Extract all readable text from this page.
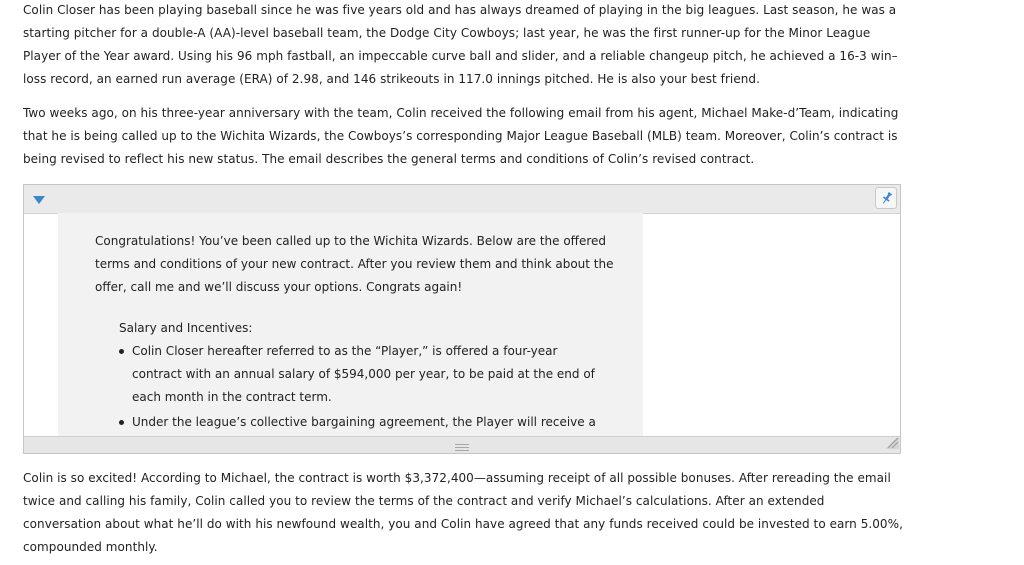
Colin Closer has been playing baseball since he was five years old and has always dreamed of playing in the big leagues. Last season, he was a starting pitcher for a double-A (AA)-level baseball team, the Dodge City Cowboys; last year, he was the first runner-up for the Minor League Player of the Year award. Using his 96 mph fastball, an impeccable curve ball and slider, and a reliable changeup pitch, he achieved a 16-3 win–loss record, an earned run average (ERA) of 2.98, and 146 strikeouts in 117.0 innings pitched. He is also your best friend.

Two weeks ago, on his three-year anniversary with the team, Colin received the following email from his agent, Michael Make-d’Team, indicating that he is being called up to the Wichita Wizards, the Cowboys’s corresponding Major League Baseball (MLB) team. Moreover, Colin’s contract is being revised to reflect his new status. The email describes the general terms and conditions of Colin’s revised contract.

Congratulations! You’ve been called up to the Wichita Wizards. Below are the offered terms and conditions of your new contract. After you review them and think about the offer, call me and we’ll discuss your options. Congrats again!

Salary and Incentives:

Colin Closer hereafter referred to as the “Player,” is offered a four-year contract with an annual salary of $594,000 per year, to be paid at the end of each month in the contract term.
Under the league’s collective bargaining agreement, the Player will receive a

Colin is so excited! According to Michael, the contract is worth $3,372,400—assuming receipt of all possible bonuses. After rereading the email twice and calling his family, Colin called you to review the terms of the contract and verify Michael’s calculations. After an extended conversation about what he’ll do with his newfound wealth, you and Colin have agreed that any funds received could be invested to earn 5.00%, compounded monthly.
